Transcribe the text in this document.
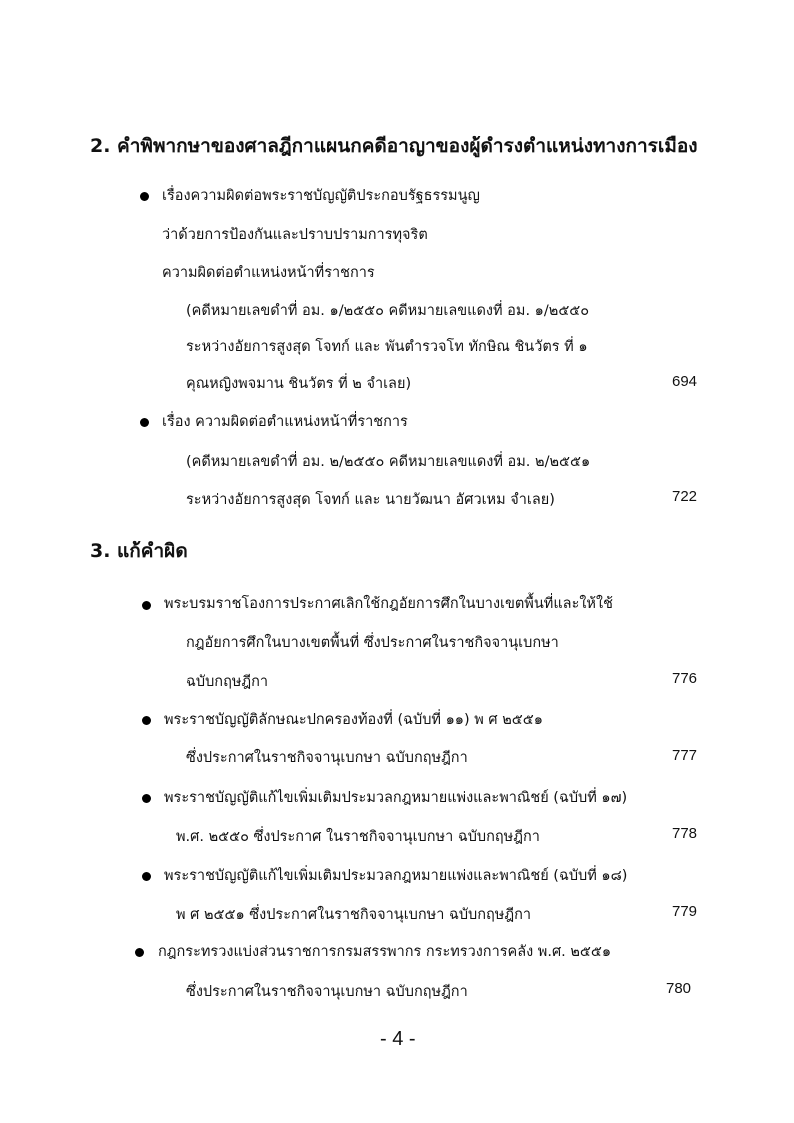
2. คำพิพากษาของศาลฎีกาแผนกคดีอาญาของผู้ดำรงตำแหน่งทางการเมือง
เรื่องความผิดต่อพระราชบัญญัติประกอบรัฐธรรมนูญ
ว่าด้วยการป้องกันและปราบปรามการทุจริต
ความผิดต่อตำแหน่งหน้าที่ราชการ
(คดีหมายเลขดำที่ อม. ๑/๒๕๕๐ คดีหมายเลขแดงที่ อม. ๑/๒๕๕๐
ระหว่างอัยการสูงสุด โจทก์ และ พันตำรวจโท ทักษิณ ชินวัตร ที่ ๑
คุณหญิงพจมาน ชินวัตร ที่ ๒ จำเลย)	694
เรื่อง ความผิดต่อตำแหน่งหน้าที่ราชการ
(คดีหมายเลขดำที่ อม. ๒/๒๕๕๐ คดีหมายเลขแดงที่ อม. ๒/๒๕๕๑
ระหว่างอัยการสูงสุด โจทก์ และ นายวัฒนา อัศวเหม จำเลย)	722
3. แก้คำผิด
พระบรมราชโองการประกาศเลิกใช้กฎอัยการศึกในบางเขตพื้นที่และให้ใช้
กฎอัยการศึกในบางเขตพื้นที่ ซึ่งประกาศในราชกิจจานุเบกษา
ฉบับกฤษฎีกา	776
พระราชบัญญัติลักษณะปกครองท้องที่ (ฉบับที่ ๑๑) พ ศ ๒๕๕๑
ซึ่งประกาศในราชกิจจานุเบกษา ฉบับกฤษฎีกา	777
พระราชบัญญัติแก้ไขเพิ่มเติมประมวลกฎหมายแพ่งและพาณิชย์ (ฉบับที่ ๑๗)
พ.ศ. ๒๕๕๐ ซึ่งประกาศ ในราชกิจจานุเบกษา ฉบับกฤษฎีกา	778
พระราชบัญญัติแก้ไขเพิ่มเติมประมวลกฎหมายแพ่งและพาณิชย์ (ฉบับที่ ๑๘)
พ ศ ๒๕๕๑ ซึ่งประกาศในราชกิจจานุเบกษา ฉบับกฤษฎีกา	779
กฎกระทรวงแบ่งส่วนราชการกรมสรรพากร กระทรวงการคลัง พ.ศ. ๒๕๕๑
ซึ่งประกาศในราชกิจจานุเบกษา ฉบับกฤษฎีกา	780
- 4 -
